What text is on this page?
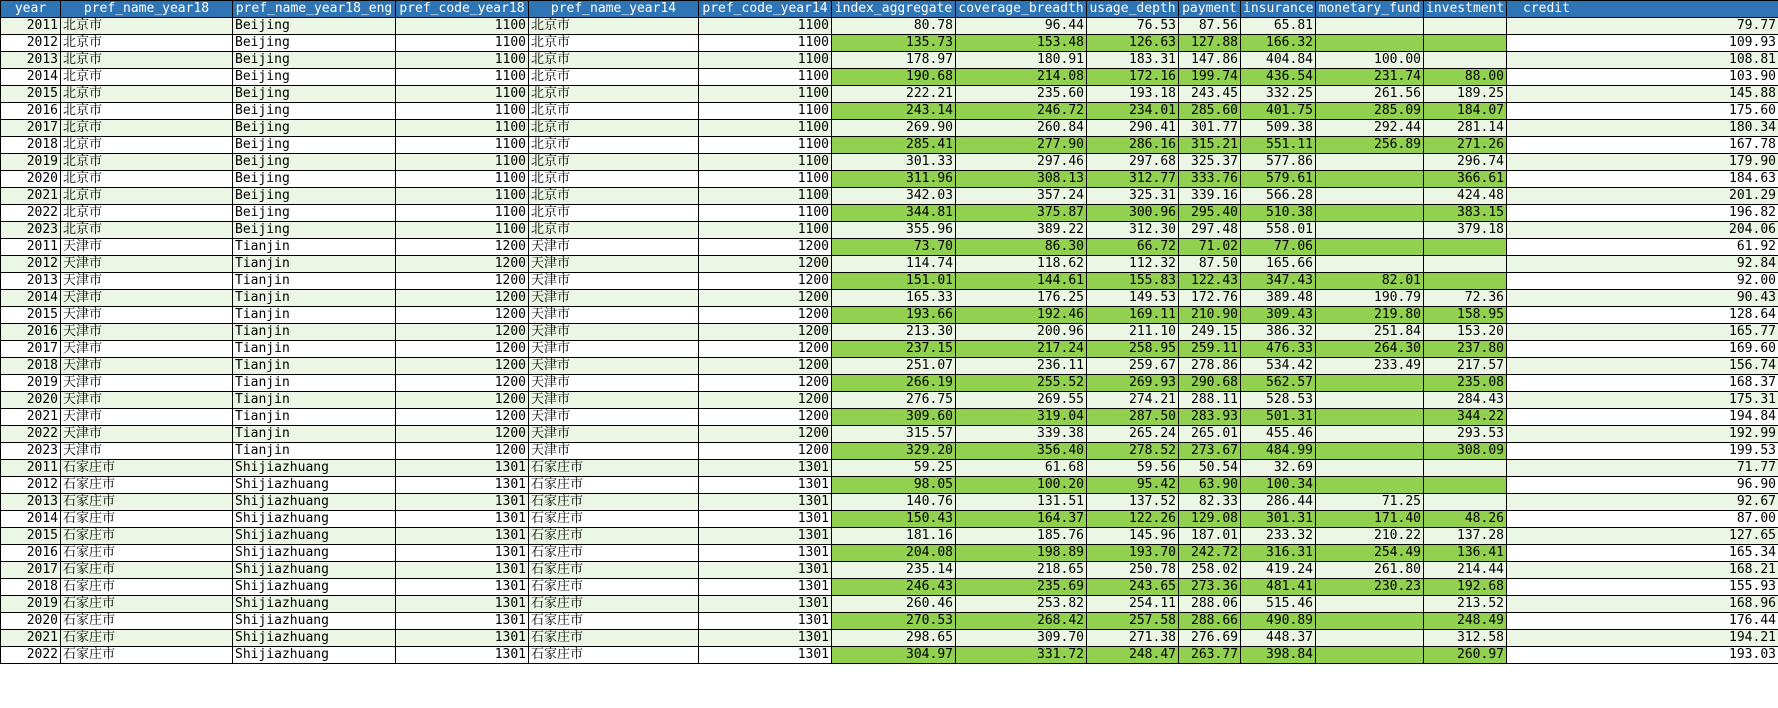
year	pref_name_year18	pref_name_year18_eng	pref_code_year18	pref_name_year14	pref_code_year14	index_aggregate	coverage_breadth	usage_depth	payment	insurance	monetary_fund	investment	credit
2011	北京市	Beijing	1100	北京市	1100	80.78	96.44	76.53	87.56	65.81			79.77
2012	北京市	Beijing	1100	北京市	1100	135.73	153.48	126.63	127.88	166.32			109.93
2013	北京市	Beijing	1100	北京市	1100	178.97	180.91	183.31	147.86	404.84	100.00		108.81
2014	北京市	Beijing	1100	北京市	1100	190.68	214.08	172.16	199.74	436.54	231.74	88.00	103.90
2015	北京市	Beijing	1100	北京市	1100	222.21	235.60	193.18	243.45	332.25	261.56	189.25	145.88
2016	北京市	Beijing	1100	北京市	1100	243.14	246.72	234.01	285.60	401.75	285.09	184.07	175.60
2017	北京市	Beijing	1100	北京市	1100	269.90	260.84	290.41	301.77	509.38	292.44	281.14	180.34
2018	北京市	Beijing	1100	北京市	1100	285.41	277.90	286.16	315.21	551.11	256.89	271.26	167.78
2019	北京市	Beijing	1100	北京市	1100	301.33	297.46	297.68	325.37	577.86		296.74	179.90
2020	北京市	Beijing	1100	北京市	1100	311.96	308.13	312.77	333.76	579.61		366.61	184.63
2021	北京市	Beijing	1100	北京市	1100	342.03	357.24	325.31	339.16	566.28		424.48	201.29
2022	北京市	Beijing	1100	北京市	1100	344.81	375.87	300.96	295.40	510.38		383.15	196.82
2023	北京市	Beijing	1100	北京市	1100	355.96	389.22	312.30	297.48	558.01		379.18	204.06
2011	天津市	Tianjin	1200	天津市	1200	73.70	86.30	66.72	71.02	77.06			61.92
2012	天津市	Tianjin	1200	天津市	1200	114.74	118.62	112.32	87.50	165.66			92.84
2013	天津市	Tianjin	1200	天津市	1200	151.01	144.61	155.83	122.43	347.43	82.01		92.00
2014	天津市	Tianjin	1200	天津市	1200	165.33	176.25	149.53	172.76	389.48	190.79	72.36	90.43
2015	天津市	Tianjin	1200	天津市	1200	193.66	192.46	169.11	210.90	309.43	219.80	158.95	128.64
2016	天津市	Tianjin	1200	天津市	1200	213.30	200.96	211.10	249.15	386.32	251.84	153.20	165.77
2017	天津市	Tianjin	1200	天津市	1200	237.15	217.24	258.95	259.11	476.33	264.30	237.80	169.60
2018	天津市	Tianjin	1200	天津市	1200	251.07	236.11	259.67	278.86	534.42	233.49	217.57	156.74
2019	天津市	Tianjin	1200	天津市	1200	266.19	255.52	269.93	290.68	562.57		235.08	168.37
2020	天津市	Tianjin	1200	天津市	1200	276.75	269.55	274.21	288.11	528.53		284.43	175.31
2021	天津市	Tianjin	1200	天津市	1200	309.60	319.04	287.50	283.93	501.31		344.22	194.84
2022	天津市	Tianjin	1200	天津市	1200	315.57	339.38	265.24	265.01	455.46		293.53	192.99
2023	天津市	Tianjin	1200	天津市	1200	329.20	356.40	278.52	273.67	484.99		308.09	199.53
2011	石家庄市	Shijiazhuang	1301	石家庄市	1301	59.25	61.68	59.56	50.54	32.69			71.77
2012	石家庄市	Shijiazhuang	1301	石家庄市	1301	98.05	100.20	95.42	63.90	100.34			96.90
2013	石家庄市	Shijiazhuang	1301	石家庄市	1301	140.76	131.51	137.52	82.33	286.44	71.25		92.67
2014	石家庄市	Shijiazhuang	1301	石家庄市	1301	150.43	164.37	122.26	129.08	301.31	171.40	48.26	87.00
2015	石家庄市	Shijiazhuang	1301	石家庄市	1301	181.16	185.76	145.96	187.01	233.32	210.22	137.28	127.65
2016	石家庄市	Shijiazhuang	1301	石家庄市	1301	204.08	198.89	193.70	242.72	316.31	254.49	136.41	165.34
2017	石家庄市	Shijiazhuang	1301	石家庄市	1301	235.14	218.65	250.78	258.02	419.24	261.80	214.44	168.21
2018	石家庄市	Shijiazhuang	1301	石家庄市	1301	246.43	235.69	243.65	273.36	481.41	230.23	192.68	155.93
2019	石家庄市	Shijiazhuang	1301	石家庄市	1301	260.46	253.82	254.11	288.06	515.46		213.52	168.96
2020	石家庄市	Shijiazhuang	1301	石家庄市	1301	270.53	268.42	257.58	288.66	490.89		248.49	176.44
2021	石家庄市	Shijiazhuang	1301	石家庄市	1301	298.65	309.70	271.38	276.69	448.37		312.58	194.21
2022	石家庄市	Shijiazhuang	1301	石家庄市	1301	304.97	331.72	248.47	263.77	398.84		260.97	193.03
